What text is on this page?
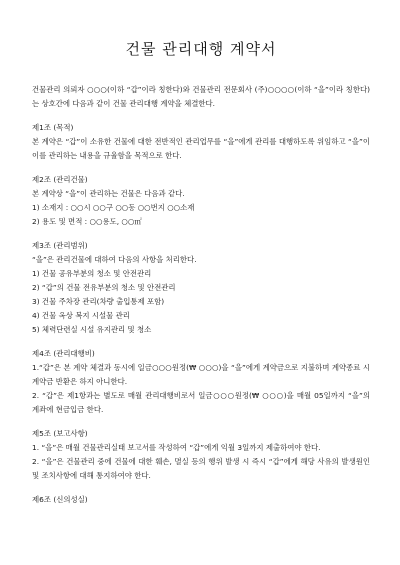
건물 관리대행 계약서

건물관리 의뢰자 ○○○(이하 “갑”이라 칭한다)와 건물관리 전문회사 (주)○○○○(이하 “을”이라 칭한다)는 상호간에 다음과 같이 건물 관리대행 계약을 체결한다.

제1조 (목적)

본 계약은 “갑”이 소유한 건물에 대한 전반적인 관리업무를 “을”에게 관리를 대행하도록 위임하고 “을”이 이를 관리하는 내용을 규율함을 목적으로 한다.

제2조 (관리건물)

본 계약상 “을”이 관리하는 건물은 다음과 같다.

1) 소재지 : ○○시 ○○구 ○○동 ○○번지 ○○소재

2) 용도 및 면적 : ○○용도, ○○㎡

제3조 (관리범위)

“을”은 관리건물에 대하여 다음의 사항을 처리한다.

1) 건물 공유부분의 청소 및 안전관리

2) “갑”의 건물 전유부분의 청소 및 안전관리

3) 건물 주차장 관리(차량 출입통제 포함)

4) 건물 옥상 복지 시설물 관리

5) 체력단련실 시설 유지관리 및 청소

제4조 (관리대행비)

1.“갑”은 본 계약 체결과 동시에 일금○○○원정(₩ ○○○)을 “을”에게 계약금으로 지불하며 계약종료 시 계약금 반환은 하지 아니한다.

2. “갑”은 제1항과는 별도로 매월 관리대행비로서 일금○○○원정(₩ ○○○)을 매월 05일까지 “을”의 계좌에 현금입금 한다.

제5조 (보고사항)

1. “을”은 매월 건물관리실태 보고서를 작성하여 “갑”에게 익월 3일까지 제출하여야 한다.

2. “을”은 건물관리 중에 건물에 대한 훼손, 멸실 등의 행위 발생 시 즉시 “갑”에게 해당 사유의 발생원인 및 조치사항에 대해 통지하여야 한다.

제6조 (신의성실)
